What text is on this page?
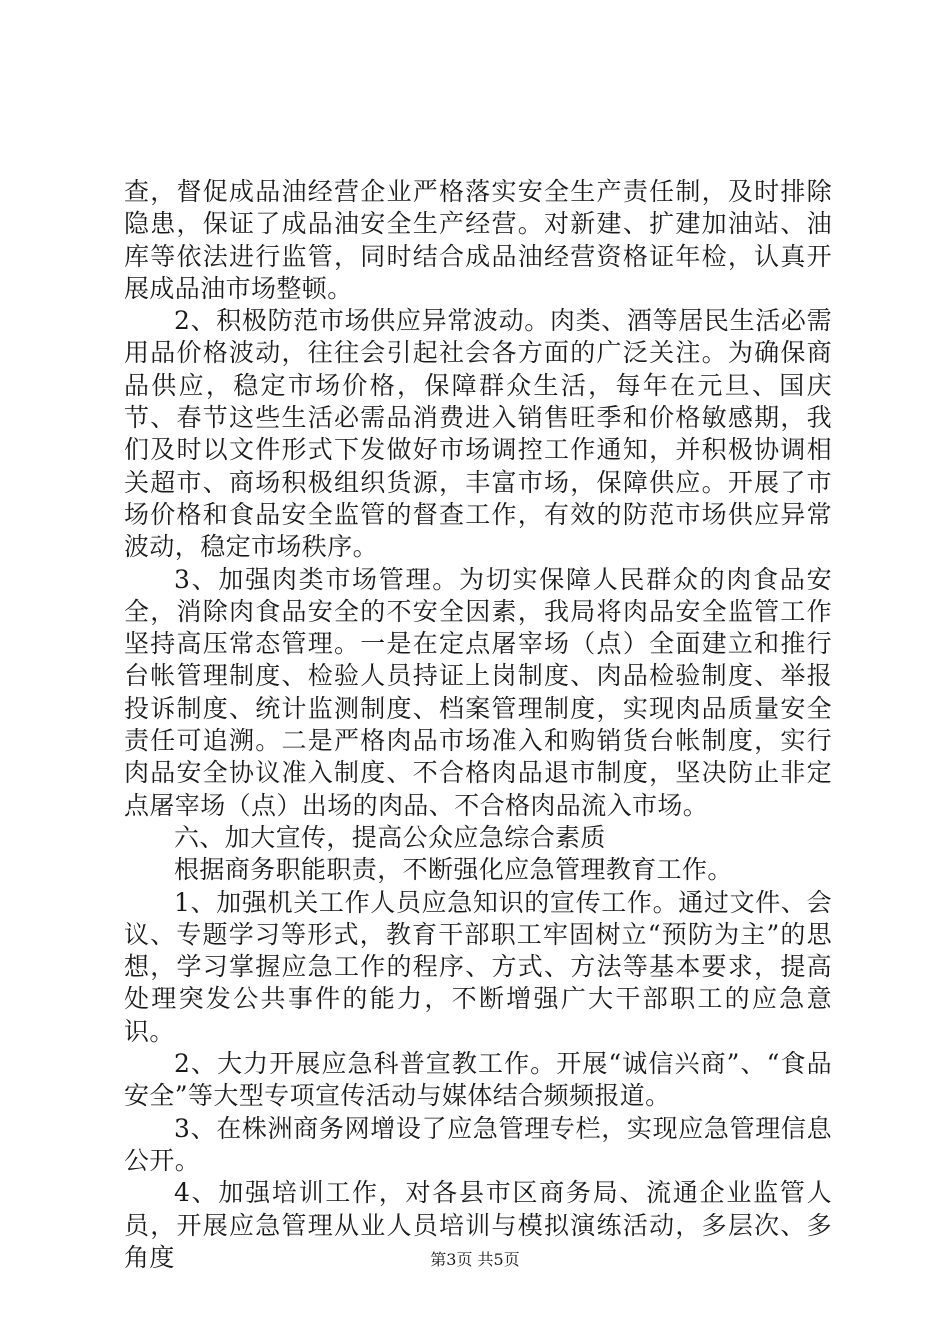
查，督促成品油经营企业严格落实安全生产责任制，及时排除隐患，保证了成品油安全生产经营。对新建、扩建加油站、油库等依法进行监管，同时结合成品油经营资格证年检，认真开展成品油市场整顿。

2、积极防范市场供应异常波动。肉类、酒等居民生活必需用品价格波动，往往会引起社会各方面的广泛关注。为确保商品供应，稳定市场价格，保障群众生活，每年在元旦、国庆节、春节这些生活必需品消费进入销售旺季和价格敏感期，我们及时以文件形式下发做好市场调控工作通知，并积极协调相关超市、商场积极组织货源，丰富市场，保障供应。开展了市场价格和食品安全监管的督查工作，有效的防范市场供应异常波动，稳定市场秩序。

3、加强肉类市场管理。为切实保障人民群众的肉食品安全，消除肉食品安全的不安全因素，我局将肉品安全监管工作坚持高压常态管理。一是在定点屠宰场（点）全面建立和推行台帐管理制度、检验人员持证上岗制度、肉品检验制度、举报投诉制度、统计监测制度、档案管理制度，实现肉品质量安全责任可追溯。二是严格肉品市场准入和购销货台帐制度，实行肉品安全协议准入制度、不合格肉品退市制度，坚决防止非定点屠宰场（点）出场的肉品、不合格肉品流入市场。

六、加大宣传，提高公众应急综合素质

根据商务职能职责，不断强化应急管理教育工作。

1、加强机关工作人员应急知识的宣传工作。通过文件、会议、专题学习等形式，教育干部职工牢固树立“预防为主”的思想，学习掌握应急工作的程序、方式、方法等基本要求，提高处理突发公共事件的能力，不断增强广大干部职工的应急意识。

2、大力开展应急科普宣教工作。开展“诚信兴商”、“食品安全”等大型专项宣传活动与媒体结合频频报道。

3、在株洲商务网增设了应急管理专栏，实现应急管理信息公开。

4、加强培训工作，对各县市区商务局、流通企业监管人员，开展应急管理从业人员培训与模拟演练活动，多层次、多角度	第3页 共5页
